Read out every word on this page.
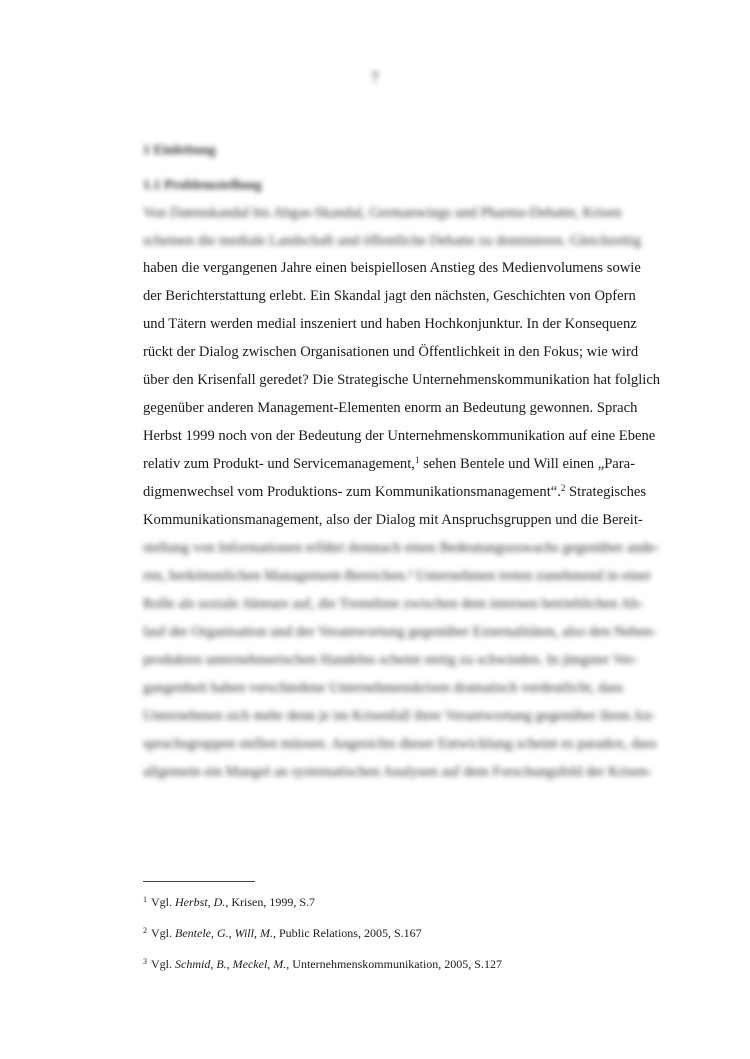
7
1 Einleitung
1.1 Problemstellung
Von Datenskandal bis Abgas-Skandal, Germanwings und Pharma-Debatte, Krisen
scheinen die mediale Landschaft und öffentliche Debatte zu dominieren. Gleichzeitig
haben die vergangenen Jahre einen beispiellosen Anstieg des Medienvolumens sowie
der Berichterstattung erlebt. Ein Skandal jagt den nächsten, Geschichten von Opfern
und Tätern werden medial inszeniert und haben Hochkonjunktur. In der Konsequenz
rückt der Dialog zwischen Organisationen und Öffentlichkeit in den Fokus; wie wird
über den Krisenfall geredet? Die Strategische Unternehmenskommunikation hat folglich
gegenüber anderen Management-Elementen enorm an Bedeutung gewonnen. Sprach
Herbst 1999 noch von der Bedeutung der Unternehmenskommunikation auf eine Ebene
relativ zum Produkt- und Servicemanagement,$^1$ sehen Bentele und Will einen „Para-
digmenwechsel vom Produktions- zum Kommunikationsmanagement“.$^2$ Strategisches
Kommunikationsmanagement, also der Dialog mit Anspruchsgruppen und die Bereit-
stellung von Informationen erfährt demnach einen Bedeutungszuwachs gegenüber ande-
ren, herkömmlichen Management-Bereichen.³ Unternehmen treten zunehmend in einer
Rolle als soziale Akteure auf, die Trennlinie zwischen dem internen betrieblichen Ab-
lauf der Organisation und der Verantwortung gegenüber Externalitäten, also den Neben-
produkten unternehmerischen Handelns scheint stetig zu schwinden. In jüngster Ver-
gangenheit haben verschiedene Unternehmenskrisen dramatisch verdeutlicht, dass
Unternehmen sich mehr denn je im Krisenfall ihrer Verantwortung gegenüber ihren An-
spruchsgruppen stellen müssen. Angesichts dieser Entwicklung scheint es paradox, dass
allgemein ein Mangel an systematischen Analysen auf dem Forschungsfeld der Krisen-
$^1$ Vgl. Herbst, D., Krisen, 1999, S.7
$^2$ Vgl. Bentele, G., Will, M., Public Relations, 2005, S.167
$^3$ Vgl. Schmid, B., Meckel, M., Unternehmenskommunikation, 2005, S.127
